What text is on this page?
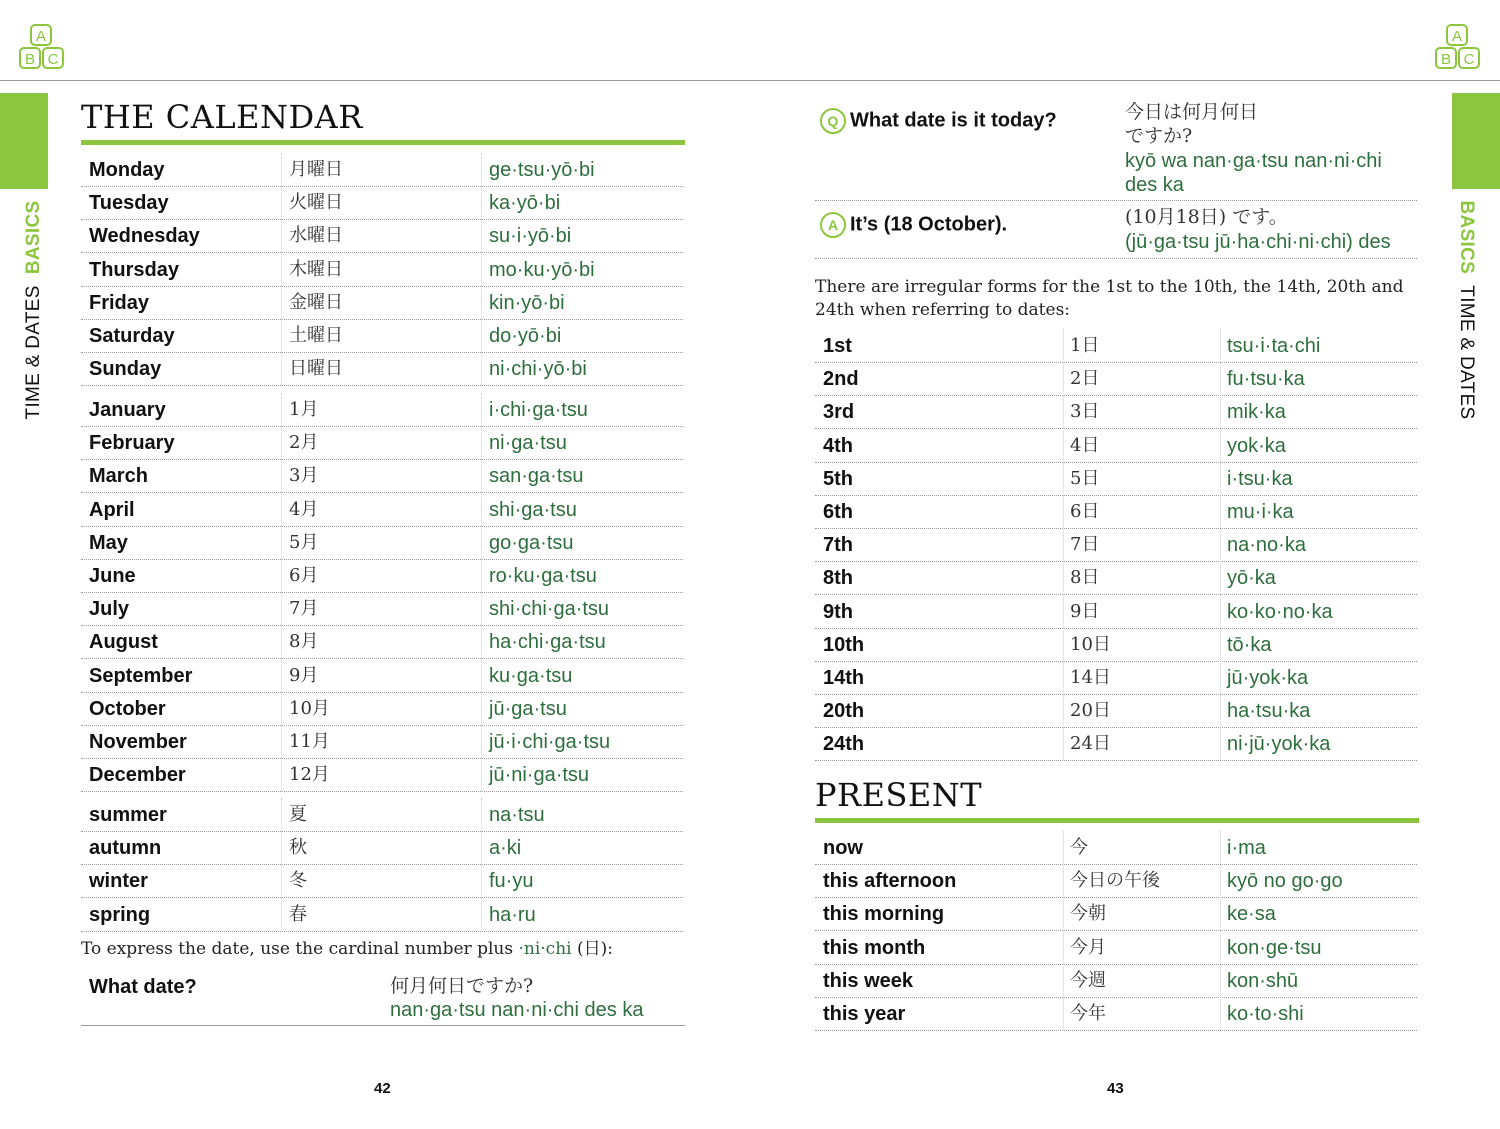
A
B C
A
B C
TIME & DATES  BASICS	BASICS  TIME & DATES
THE CALENDAR
Monday	月曜日	ge·tsu·yō·bi
Tuesday	火曜日	ka·yō·bi
Wednesday	水曜日	su·i·yō·bi
Thursday	木曜日	mo·ku·yō·bi
Friday	金曜日	kin·yō·bi
Saturday	土曜日	do·yō·bi
Sunday	日曜日	ni·chi·yō·bi
January	1月	i·chi·ga·tsu
February	2月	ni·ga·tsu
March	3月	san·ga·tsu
April	4月	shi·ga·tsu
May	5月	go·ga·tsu
June	6月	ro·ku·ga·tsu
July	7月	shi·chi·ga·tsu
August	8月	ha·chi·ga·tsu
September	9月	ku·ga·tsu
October	10月	jū·ga·tsu
November	11月	jū·i·chi·ga·tsu
December	12月	jū·ni·ga·tsu
summer	夏	na·tsu
autumn	秋	a·ki
winter	冬	fu·yu
spring	春	ha·ru
To express the date, use the cardinal number plus ·ni·chi (日):
What date?	何月何日ですか?
nan·ga·tsu nan·ni·chi des ka
42
Q What date is it today?	今日は何月何日
ですか?
kyō wa nan·ga·tsu nan·ni·chi
des ka
A It’s (18 October).	(10月18日) です。
(jū·ga·tsu jū·ha·chi·ni·chi) des
There are irregular forms for the 1st to the 10th, the 14th, 20th and 24th when referring to dates:
1st	1日	tsu·i·ta·chi
2nd	2日	fu·tsu·ka
3rd	3日	mik·ka
4th	4日	yok·ka
5th	5日	i·tsu·ka
6th	6日	mu·i·ka
7th	7日	na·no·ka
8th	8日	yō·ka
9th	9日	ko·ko·no·ka
10th	10日	tō·ka
14th	14日	jū·yok·ka
20th	20日	ha·tsu·ka
24th	24日	ni·jū·yok·ka
PRESENT
now	今	i·ma
this afternoon	今日の午後	kyō no go·go
this morning	今朝	ke·sa
this month	今月	kon·ge·tsu
this week	今週	kon·shū
this year	今年	ko·to·shi
43
